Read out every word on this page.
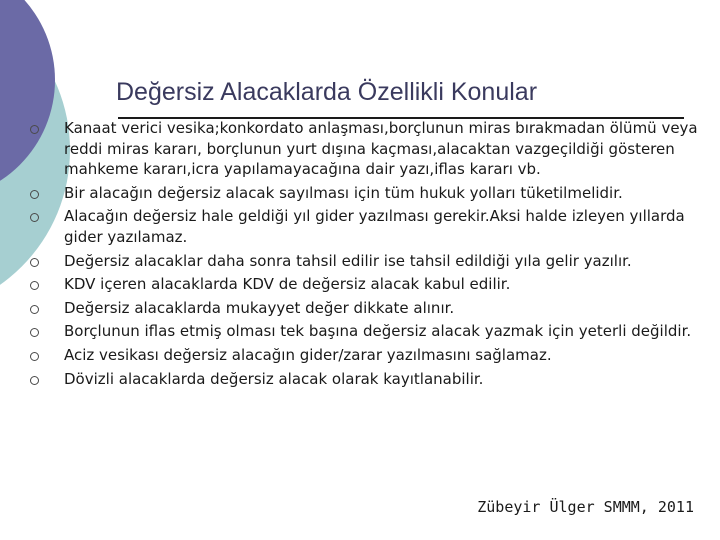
Değersiz Alacaklarda Özellikli Konular
Kanaat verici vesika;konkordato anlaşması,borçlunun miras bırakmadan ölümü veya reddi miras kararı, borçlunun yurt dışına kaçması,alacaktan vazgeçildiği gösteren mahkeme kararı,icra yapılamayacağına dair yazı,iflas kararı vb.
Bir alacağın değersiz alacak sayılması için tüm hukuk yolları tüketilmelidir.
Alacağın değersiz hale geldiği yıl gider yazılması gerekir.Aksi halde izleyen yıllarda gider yazılamaz.
Değersiz alacaklar daha sonra tahsil edilir ise tahsil edildiği yıla gelir yazılır.
KDV içeren alacaklarda KDV de değersiz alacak kabul edilir.
Değersiz alacaklarda mukayyet değer dikkate alınır.
Borçlunun iflas etmiş olması tek başına değersiz alacak yazmak için yeterli değildir.
Aciz vesikası değersiz alacağın gider/zarar yazılmasını sağlamaz.
Dövizli alacaklarda değersiz alacak olarak kayıtlanabilir.
Zübeyir Ülger SMMM, 2011
